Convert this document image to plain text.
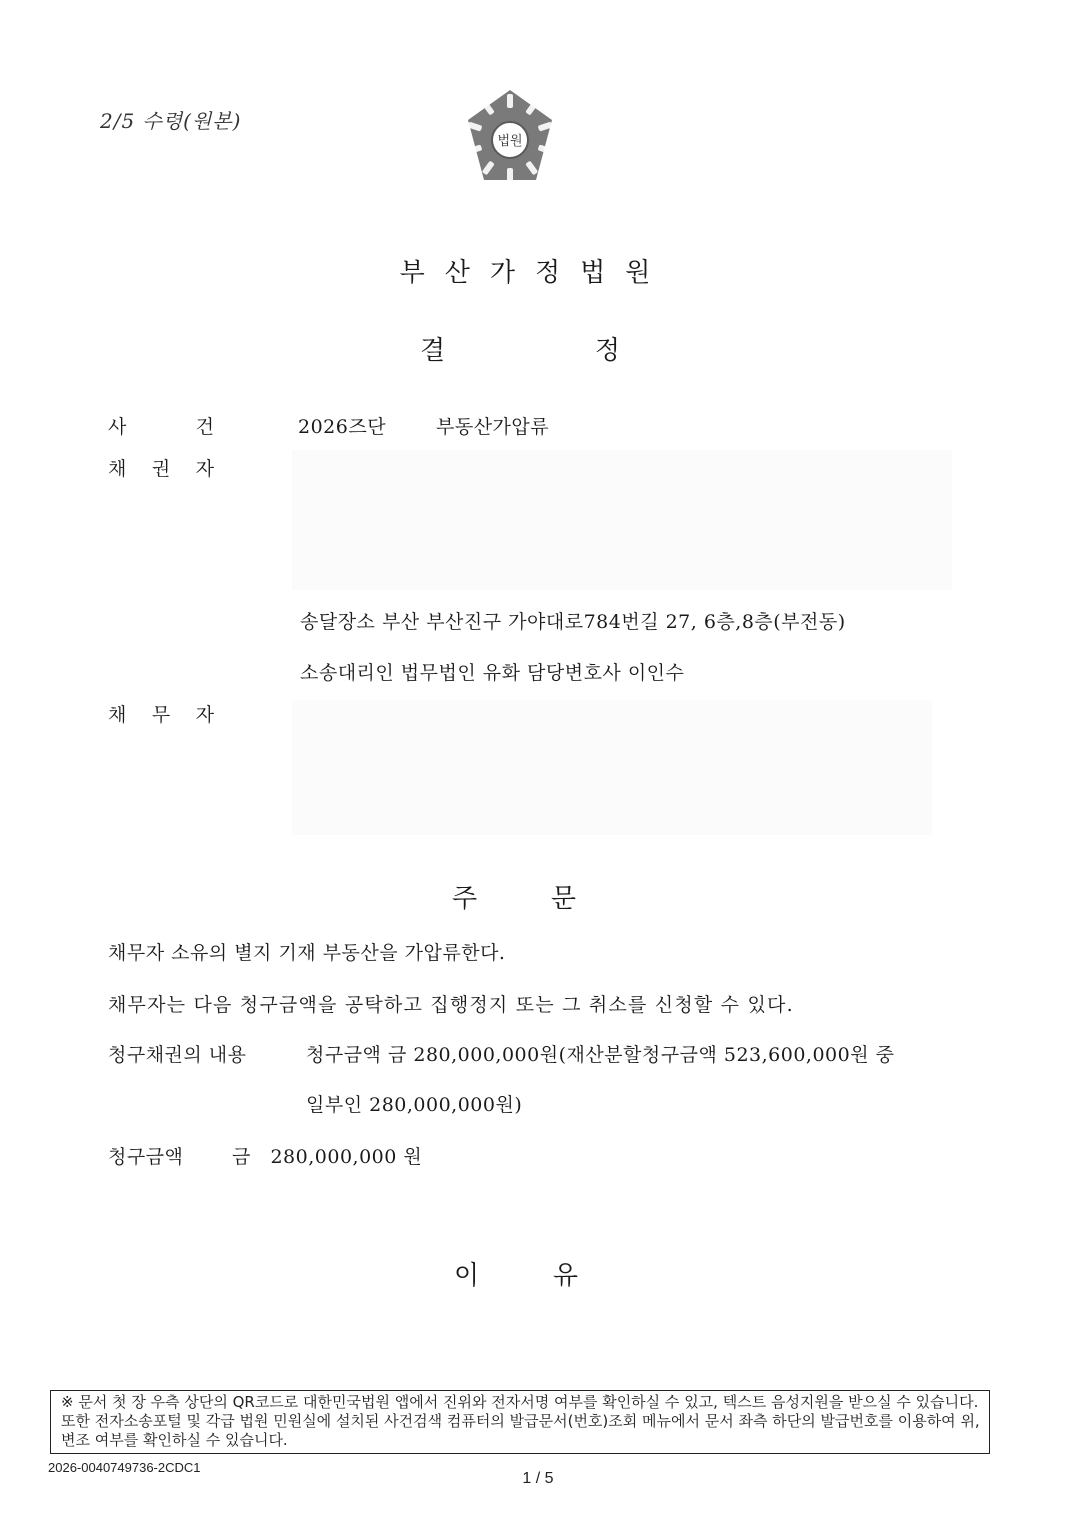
2/5 수령(원본)
법원
부산가정법원
결	정
사	건	2026즈단	부동산가압류
채 권 자
송달장소 부산 부산진구 가야대로784번길 27, 6층,8층(부전동)
소송대리인 법무법인 유화 담당변호사 이인수
채 무 자
주	문
채무자 소유의 별지 기재 부동산을 가압류한다.
채무자는 다음 청구금액을 공탁하고 집행정지 또는 그 취소를 신청할 수 있다.
청구채권의 내용	청구금액 금 280,000,000원(재산분할청구금액 523,600,000원 중
일부인 280,000,000원)
청구금액	금   280,000,000 원
이	유
※ 문서 첫 장 우측 상단의 QR코드로 대한민국법원 앱에서 진위와 전자서명 여부를 확인하실 수 있고, 텍스트 음성지원을 받으실 수 있습니다. 또한 전자소송포털 및 각급 법원 민원실에 설치된 사건검색 컴퓨터의 발급문서(번호)조회 메뉴에서 문서 좌측 하단의 발급번호를 이용하여 위,변조 여부를 확인하실 수 있습니다.
2026-0040749736-2CDC1
1 / 5
